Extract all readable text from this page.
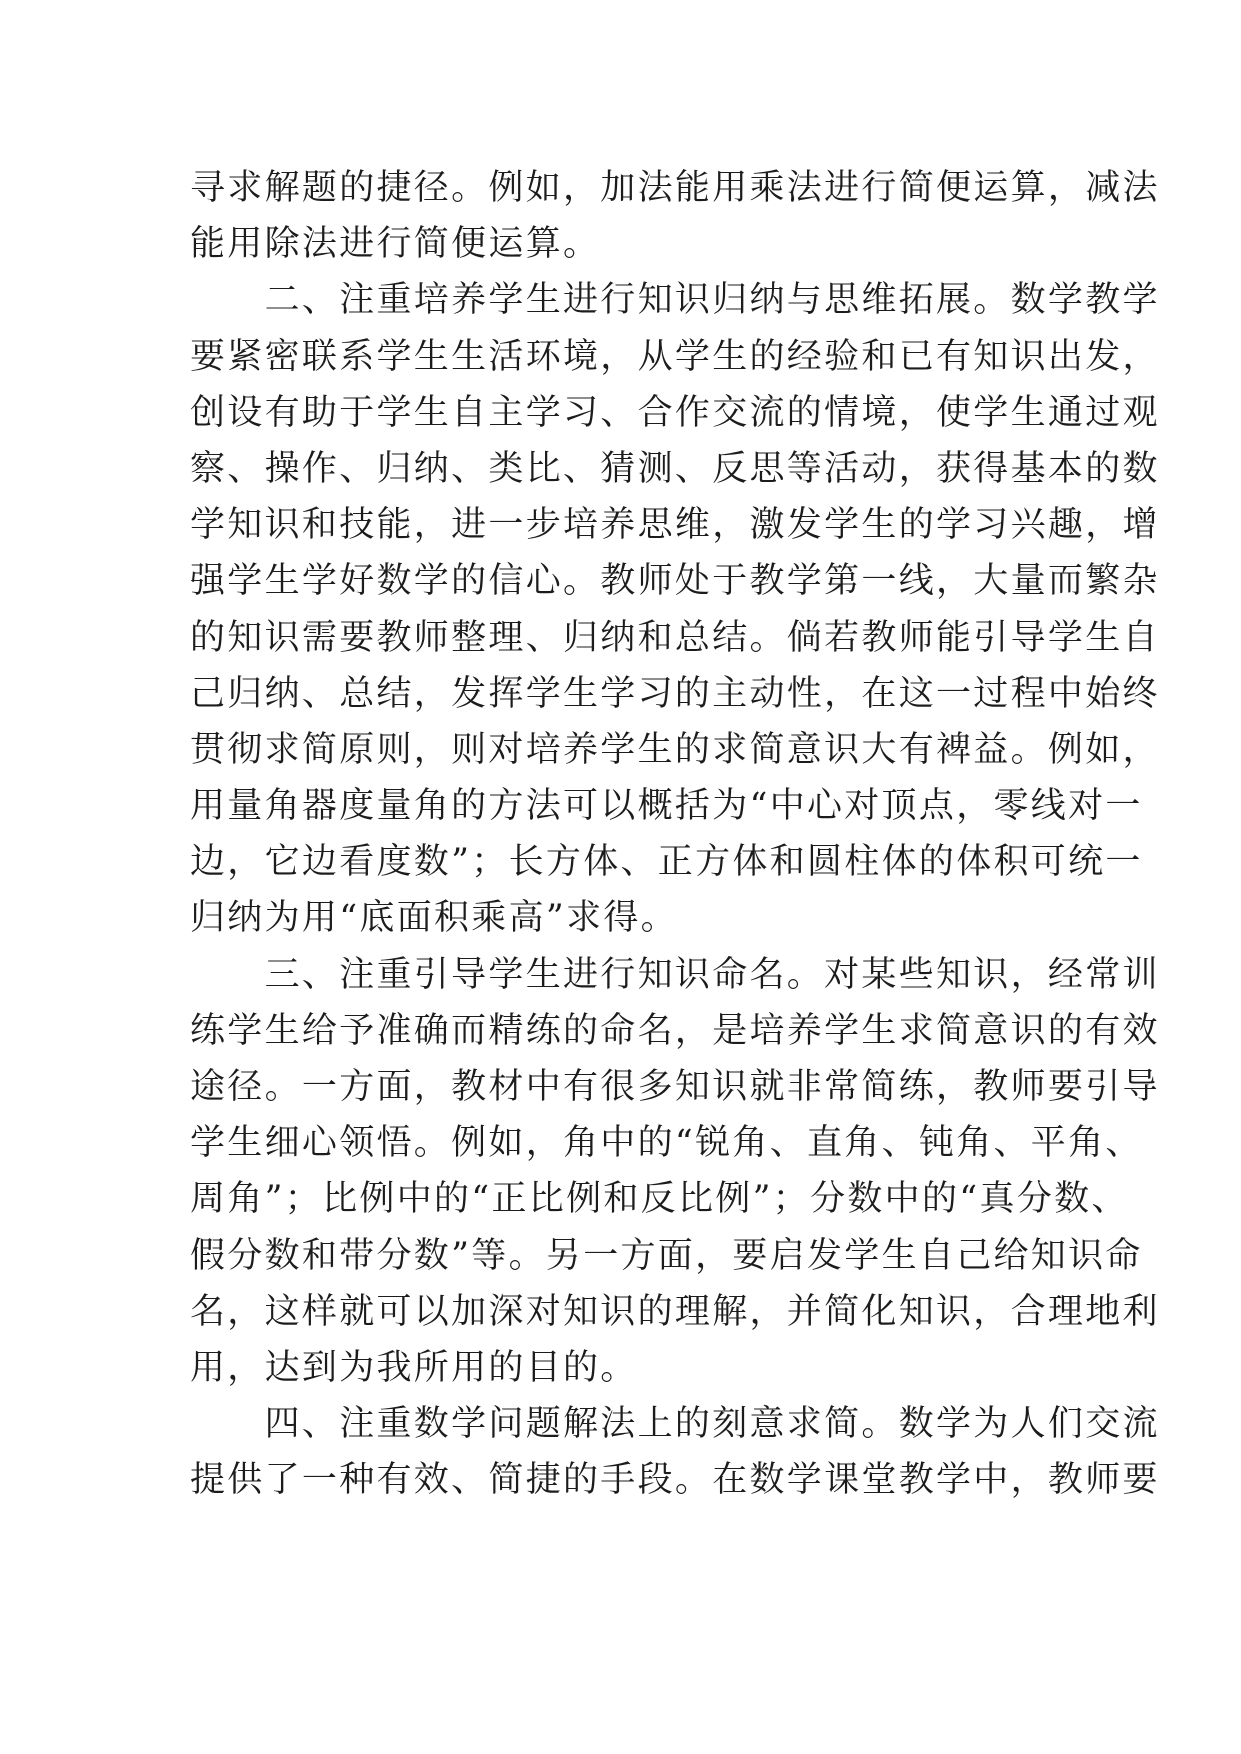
寻求解题的捷径。例如，加法能用乘法进行简便运算，减法
能用除法进行简便运算。
　　二、注重培养学生进行知识归纳与思维拓展。数学教学
要紧密联系学生生活环境，从学生的经验和已有知识出发，
创设有助于学生自主学习、合作交流的情境，使学生通过观
察、操作、归纳、类比、猜测、反思等活动，获得基本的数
学知识和技能，进一步培养思维，激发学生的学习兴趣，增
强学生学好数学的信心。教师处于教学第一线，大量而繁杂
的知识需要教师整理、归纳和总结。倘若教师能引导学生自
己归纳、总结，发挥学生学习的主动性，在这一过程中始终
贯彻求简原则，则对培养学生的求简意识大有裨益。例如，
用量角器度量角的方法可以概括为“中心对顶点，零线对一
边，它边看度数”；长方体、正方体和圆柱体的体积可统一
归纳为用“底面积乘高”求得。
　　三、注重引导学生进行知识命名。对某些知识，经常训
练学生给予准确而精练的命名，是培养学生求简意识的有效
途径。一方面，教材中有很多知识就非常简练，教师要引导
学生细心领悟。例如，角中的“锐角、直角、钝角、平角、
周角”；比例中的“正比例和反比例”；分数中的“真分数、
假分数和带分数”等。另一方面，要启发学生自己给知识命
名，这样就可以加深对知识的理解，并简化知识，合理地利
用，达到为我所用的目的。
　　四、注重数学问题解法上的刻意求简。数学为人们交流
提供了一种有效、简捷的手段。在数学课堂教学中，教师要
